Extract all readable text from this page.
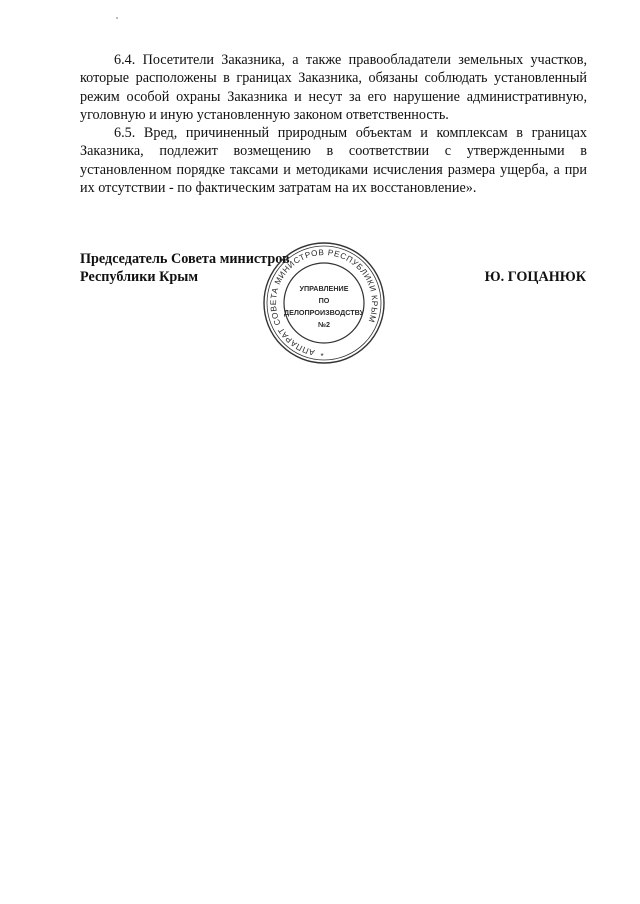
6.4. Посетители Заказника, а также правообладатели земельных участков, которые расположены в границах Заказника, обязаны соблюдать установленный режим особой охраны Заказника и несут за его нарушение административную, уголовную и иную установленную законом ответственность.

6.5. Вред, причиненный природным объектам и комплексам в границах Заказника, подлежит возмещению в соответствии с утвержденными в установленном порядке таксами и методиками исчисления размера ущерба, а при их отсутствии - по фактическим затратам на их восстановление».

Председатель Совета министров
Республики Крым	Ю. ГОЦАНЮК
АППАРАТ СОВЕТА МИНИСТРОВ РЕСПУБЛИКИ КРЫМ
*
УПРАВЛЕНИЕ
ПО
ДЕЛОПРОИЗВОДСТВУ
№2
